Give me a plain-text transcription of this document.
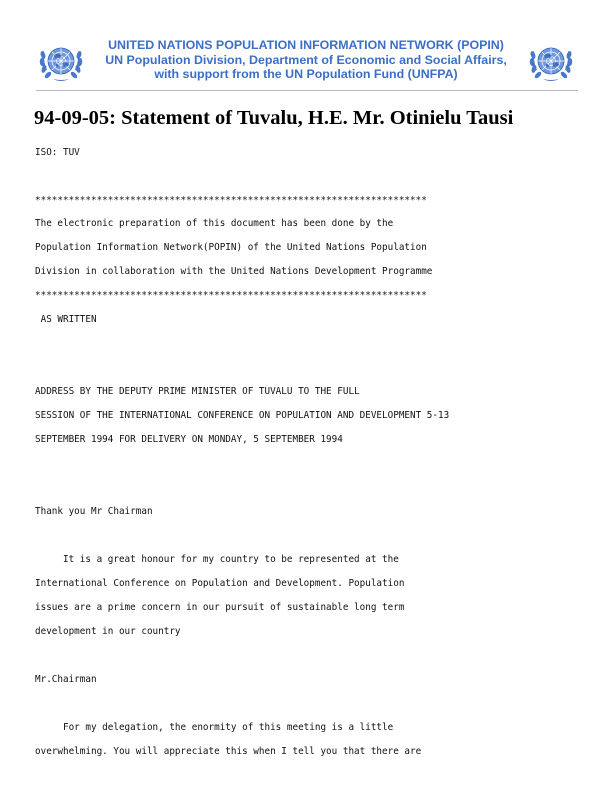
UNITED NATIONS POPULATION INFORMATION NETWORK (POPIN)
UN Population Division, Department of Economic and Social Affairs,
with support from the UN Population Fund (UNFPA)
94-09-05: Statement of Tuvalu, H.E. Mr. Otinielu Tausi

ISO: TUV

**********************************************************************

The electronic preparation of this document has been done by the

Population Information Network(POPIN) of the United Nations Population

Division in collaboration with the United Nations Development Programme

**********************************************************************

AS WRITTEN

ADDRESS BY THE DEPUTY PRIME MINISTER OF TUVALU TO THE FULL

SESSION OF THE INTERNATIONAL CONFERENCE ON POPULATION AND DEVELOPMENT 5-13

SEPTEMBER 1994 FOR DELIVERY ON MONDAY, 5 SEPTEMBER 1994

Thank you Mr Chairman

It is a great honour for my country to be represented at the

International Conference on Population and Development. Population

issues are a prime concern in our pursuit of sustainable long term

development in our country

Mr.Chairman

For my delegation, the enormity of this meeting is a little

overwhelming. You will appreciate this when I tell you that there are
